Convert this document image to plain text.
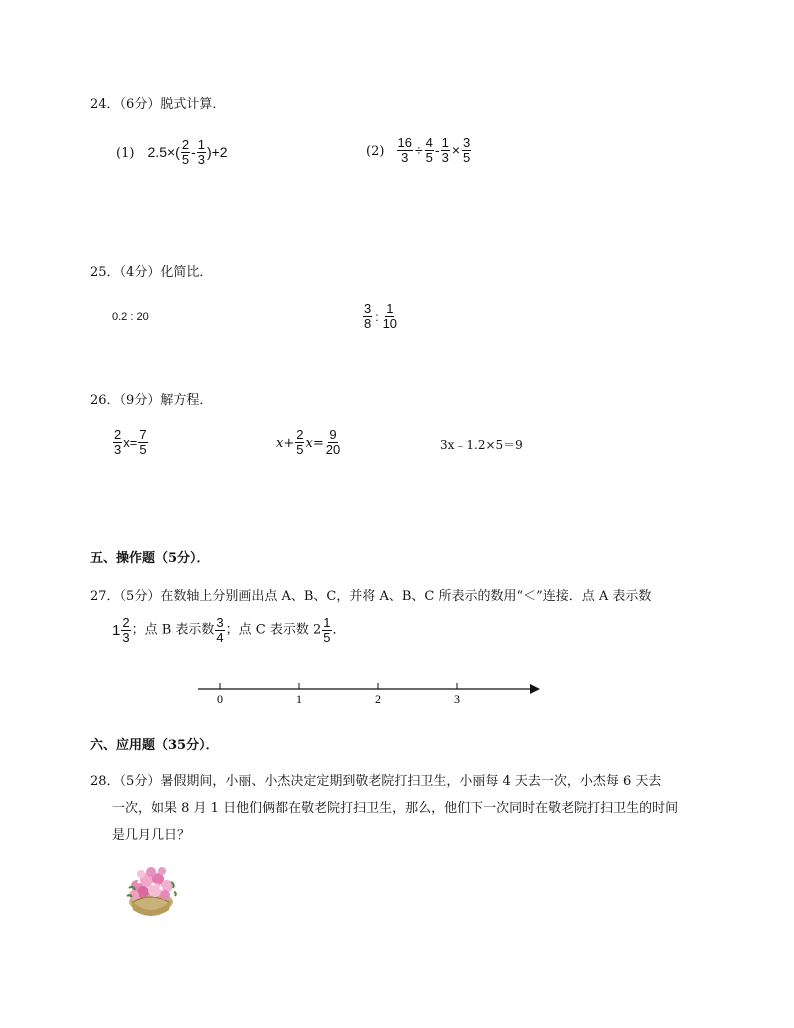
24．（6分）脱式计算．
(1) $2.5\times( \frac{2}{5} - \frac{1}{3} )+2$	$(2) \frac{16}{3} \div \frac{4}{5} - \frac{1}{3} \times \frac{3}{5}$
25．（4分）化简比．
0.2 : 20	$\frac{3}{8}$ : $\frac{1}{10}$
26．（9分）解方程．
$\frac{2}{3} x= \frac{7}{5}$	$x+ \frac{2}{5} x= \frac{9}{20}$	3x﹣1.2×5＝9
五、操作题（5分）．
27．（5分）在数轴上分别画出点 A、B、C，并将 A、B、C 所表示的数用“＜”连接．点 A 表示数
$1 \frac{2}{3}$ ；点 B 表示数 $\frac{3}{4}$ ；点 C 表示数 $2 \frac{1}{5}$ ．
0	1	2	3
六、应用题（35分）．
28．（5分）暑假期间，小丽、小杰决定定期到敬老院打扫卫生，小丽每 4 天去一次，小杰每 6 天去
一次，如果 8 月 1 日他们俩都在敬老院打扫卫生，那么，他们下一次同时在敬老院打扫卫生的时间
是几月几日？
